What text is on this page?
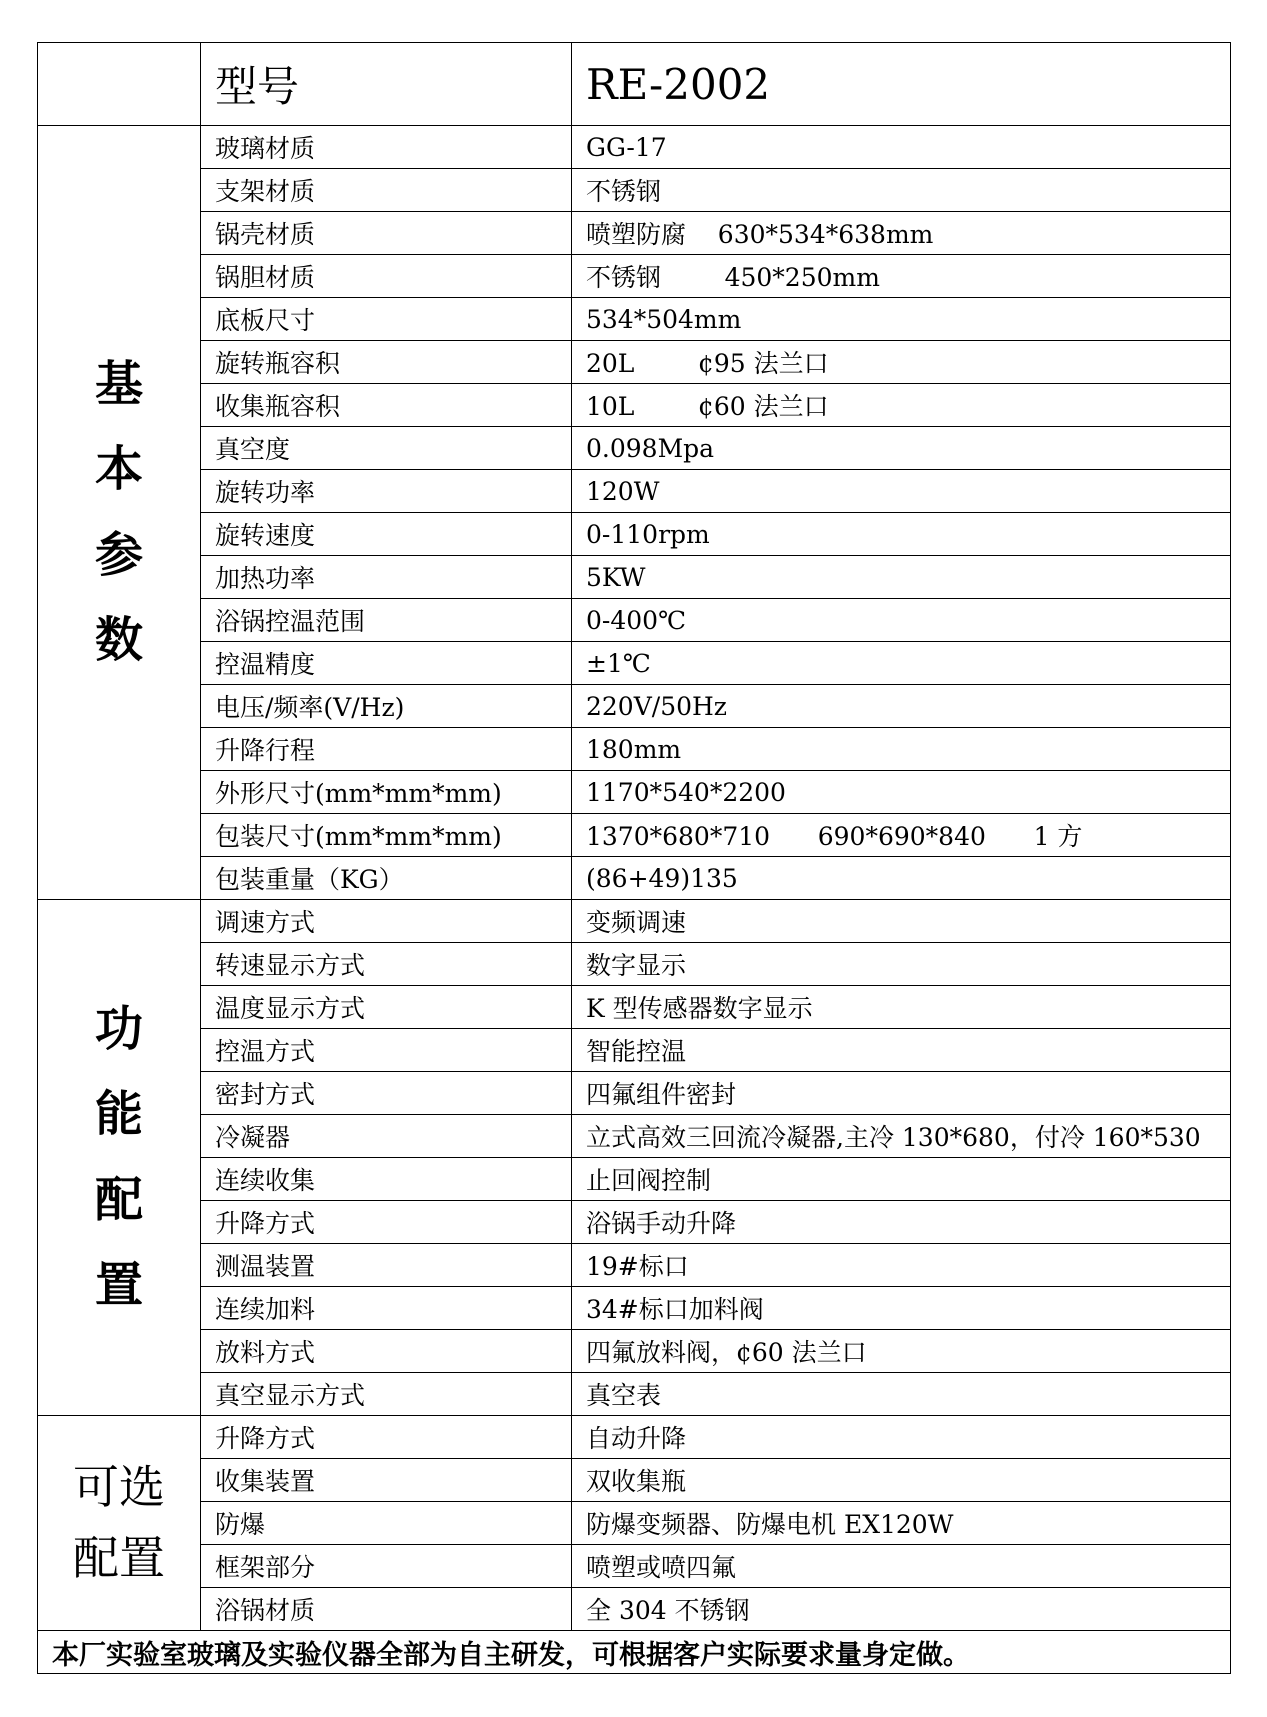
	型号	RE-2002
基
本
参
数	玻璃材质	GG-17
	支架材质	不锈钢
	锅壳材质	喷塑防腐    630*534*638mm
	锅胆材质	不锈钢        450*250mm
	底板尺寸	534*504mm
	旋转瓶容积	20L        ¢95 法兰口
	收集瓶容积	10L        ¢60 法兰口
	真空度	0.098Mpa
	旋转功率	120W
	旋转速度	0-110rpm
	加热功率	5KW
	浴锅控温范围	0-400℃
	控温精度	±1℃
	电压/频率(V/Hz)	220V/50Hz
	升降行程	180mm
	外形尺寸(mm*mm*mm)	1170*540*2200
	包装尺寸(mm*mm*mm)	1370*680*710      690*690*840      1 方
	包装重量（KG）	(86+49)135
功
能
配
置	调速方式	变频调速
	转速显示方式	数字显示
	温度显示方式	K 型传感器数字显示
	控温方式	智能控温
	密封方式	四氟组件密封
	冷凝器	立式高效三回流冷凝器,主冷 130*680，付冷 160*530
	连续收集	止回阀控制
	升降方式	浴锅手动升降
	测温装置	19#标口
	连续加料	34#标口加料阀
	放料方式	四氟放料阀，¢60 法兰口
	真空显示方式	真空表
可选
配置	升降方式	自动升降
	收集装置	双收集瓶
	防爆	防爆变频器、防爆电机 EX120W
	框架部分	喷塑或喷四氟
	浴锅材质	全 304 不锈钢
本厂实验室玻璃及实验仪器全部为自主研发，可根据客户实际要求量身定做。		
